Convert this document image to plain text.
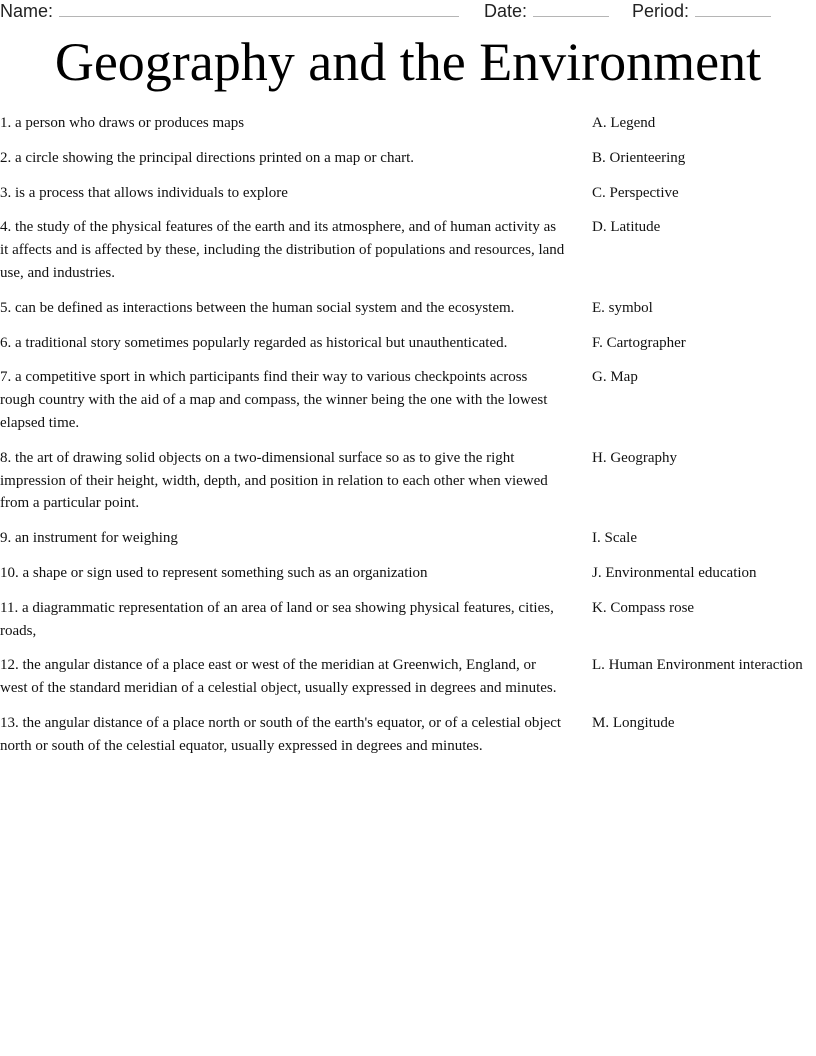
Name:	Date:	Period:
Geography and the Environment
1. a person who draws or produces maps	A. Legend
2. a circle showing the principal directions printed on a map or chart.	B. Orienteering
3. is a process that allows individuals to explore	C. Perspective
4. the study of the physical features of the earth and its atmosphere, and of human activity as it affects and is affected by these, including the distribution of populations and resources, land use, and industries.
D. Latitude
5. can be defined as interactions between the human social system and the ecosystem.	E. symbol
6. a traditional story sometimes popularly regarded as historical but unauthenticated.	F. Cartographer
7. a competitive sport in which participants find their way to various checkpoints across rough country with the aid of a map and compass, the winner being the one with the lowest elapsed time.
G. Map
8. the art of drawing solid objects on a two-dimensional surface so as to give the right impression of their height, width, depth, and position in relation to each other when viewed from a particular point.
H. Geography
9. an instrument for weighing	I. Scale
10. a shape or sign used to represent something such as an organization	J. Environmental education
11. a diagrammatic representation of an area of land or sea showing physical features, cities, roads,
K. Compass rose
12. the angular distance of a place east or west of the meridian at Greenwich, England, or west of the standard meridian of a celestial object, usually expressed in degrees and minutes.
L. Human Environment interaction
13. the angular distance of a place north or south of the earth's equator, or of a celestial object north or south of the celestial equator, usually expressed in degrees and minutes.
M. Longitude
